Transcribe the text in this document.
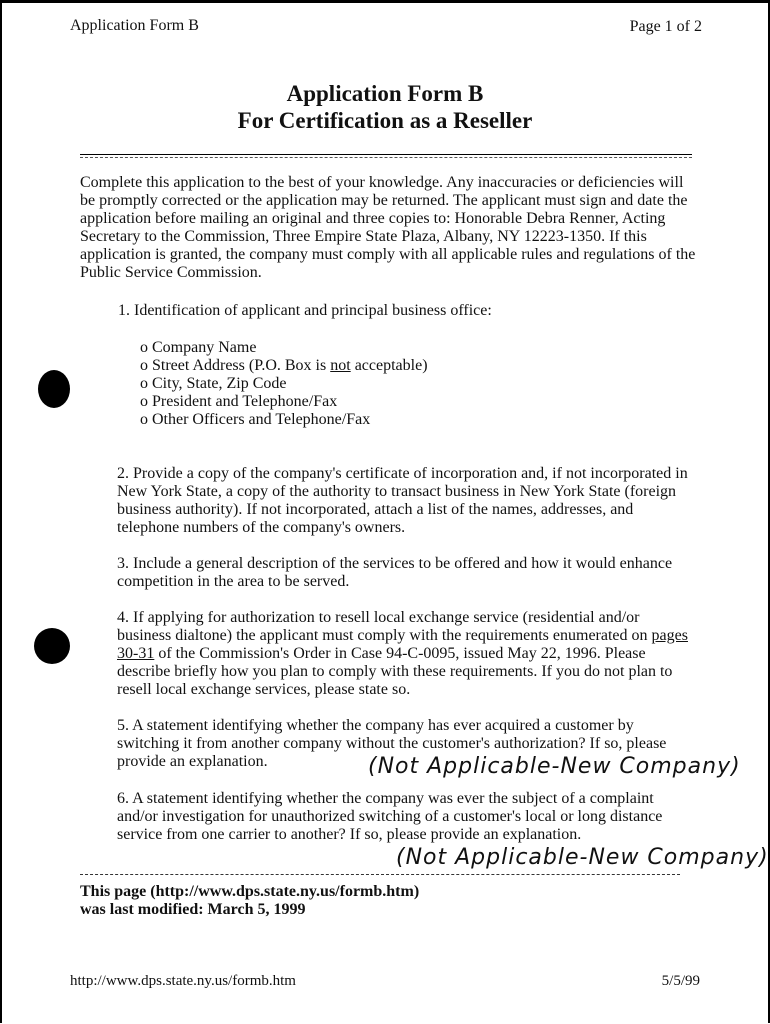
Application Form B	Page 1 of 2
Application Form B
For Certification as a Reseller
Complete this application to the best of your knowledge. Any inaccuracies or deficiencies will be promptly corrected or the application may be returned. The applicant must sign and date the application before mailing an original and three copies to: Honorable Debra Renner, Acting Secretary to the Commission, Three Empire State Plaza, Albany, NY 12223-1350. If this application is granted, the company must comply with all applicable rules and regulations of the Public Service Commission.
1. Identification of applicant and principal business office:
o Company Name
o Street Address (P.O. Box is not acceptable)
o City, State, Zip Code
o President and Telephone/Fax
o Other Officers and Telephone/Fax
2. Provide a copy of the company's certificate of incorporation and, if not incorporated in New York State, a copy of the authority to transact business in New York State (foreign business authority). If not incorporated, attach a list of the names, addresses, and telephone numbers of the company's owners.
3. Include a general description of the services to be offered and how it would enhance competition in the area to be served.
4. If applying for authorization to resell local exchange service (residential and/or business dialtone) the applicant must comply with the requirements enumerated on pages 30-31 of the Commission's Order in Case 94-C-0095, issued May 22, 1996. Please describe briefly how you plan to comply with these requirements. If you do not plan to resell local exchange services, please state so.
5. A statement identifying whether the company has ever acquired a customer by switching it from another company without the customer's authorization? If so, please provide an explanation.	(Not Applicable-New Company)
6. A statement identifying whether the company was ever the subject of a complaint and/or investigation for unauthorized switching of a customer's local or long distance service from one carrier to another? If so, please provide an explanation.
(Not Applicable-New Company)
This page (http://www.dps.state.ny.us/formb.htm)
was last modified: March 5, 1999
http://www.dps.state.ny.us/formb.htm	5/5/99
